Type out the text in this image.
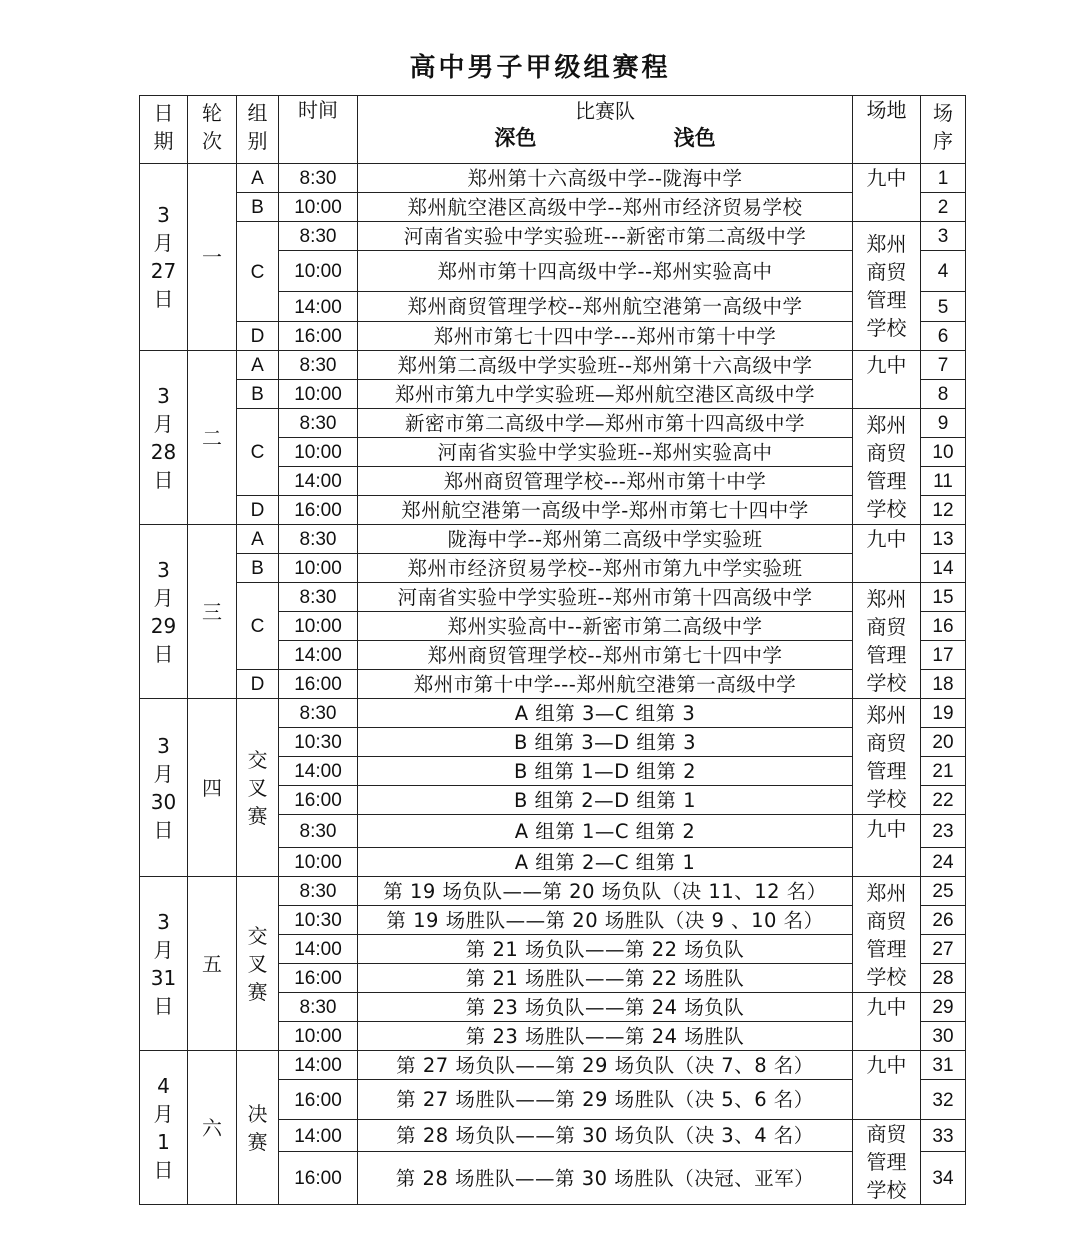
高中男子甲级组赛程
日
期	轮
次	组
别	时间	比赛队
深色 浅色	场地	场
序
3
月
27
日	一	A	8:30	郑州第十六高级中学--陇海中学	九中	1
		B	10:00	郑州航空港区高级中学--郑州市经济贸易学校		2
		C	8:30	河南省实验中学实验班---新密市第二高级中学	郑州
商贸
管理
学校	3
			10:00	郑州市第十四高级中学--郑州实验高中		4
			14:00	郑州商贸管理学校--郑州航空港第一高级中学		5
		D	16:00	郑州市第七十四中学---郑州市第十中学		6
3
月
28
日	二	A	8:30	郑州第二高级中学实验班--郑州第十六高级中学	九中	7
		B	10:00	郑州市第九中学实验班—郑州航空港区高级中学		8
		C	8:30	新密市第二高级中学—郑州市第十四高级中学	郑州
商贸
管理
学校	9
			10:00	河南省实验中学实验班--郑州实验高中		10
			14:00	郑州商贸管理学校---郑州市第十中学		11
		D	16:00	郑州航空港第一高级中学-郑州市第七十四中学		12
3
月
29
日	三	A	8:30	陇海中学--郑州第二高级中学实验班	九中	13
		B	10:00	郑州市经济贸易学校--郑州市第九中学实验班		14
		C	8:30	河南省实验中学实验班--郑州市第十四高级中学	郑州
商贸
管理
学校	15
			10:00	郑州实验高中--新密市第二高级中学		16
			14:00	郑州商贸管理学校--郑州市第七十四中学		17
		D	16:00	郑州市第十中学---郑州航空港第一高级中学		18
3
月
30
日	四	交
叉
赛	8:30	A 组第 3—C 组第 3	郑州
商贸
管理
学校	19
			10:30	B 组第 3—D 组第 3		20
			14:00	B 组第 1—D 组第 2		21
			16:00	B 组第 2—D 组第 1		22
			8:30	A 组第 1—C 组第 2	九中	23
			10:00	A 组第 2—C 组第 1		24
3
月
31
日	五	交
叉
赛	8:30	第 19 场负队——第 20 场负队（决 11、12 名）	郑州
商贸
管理
学校	25
			10:30	第 19 场胜队——第 20 场胜队（决 9 、10 名）		26
			14:00	第 21 场负队——第 22 场负队		27
			16:00	第 21 场胜队——第 22 场胜队		28
			8:30	第 23 场负队——第 24 场负队	九中	29
			10:00	第 23 场胜队——第 24 场胜队		30
4
月
1
日	六	决
赛	14:00	第 27 场负队——第 29 场负队（决 7、8 名）	九中	31
			16:00	第 27 场胜队——第 29 场胜队（决 5、6 名）		32
			14:00	第 28 场负队——第 30 场负队（决 3、4 名）	商贸
管理
学校	33
			16:00	第 28 场胜队——第 30 场胜队（决冠、亚军）		34
